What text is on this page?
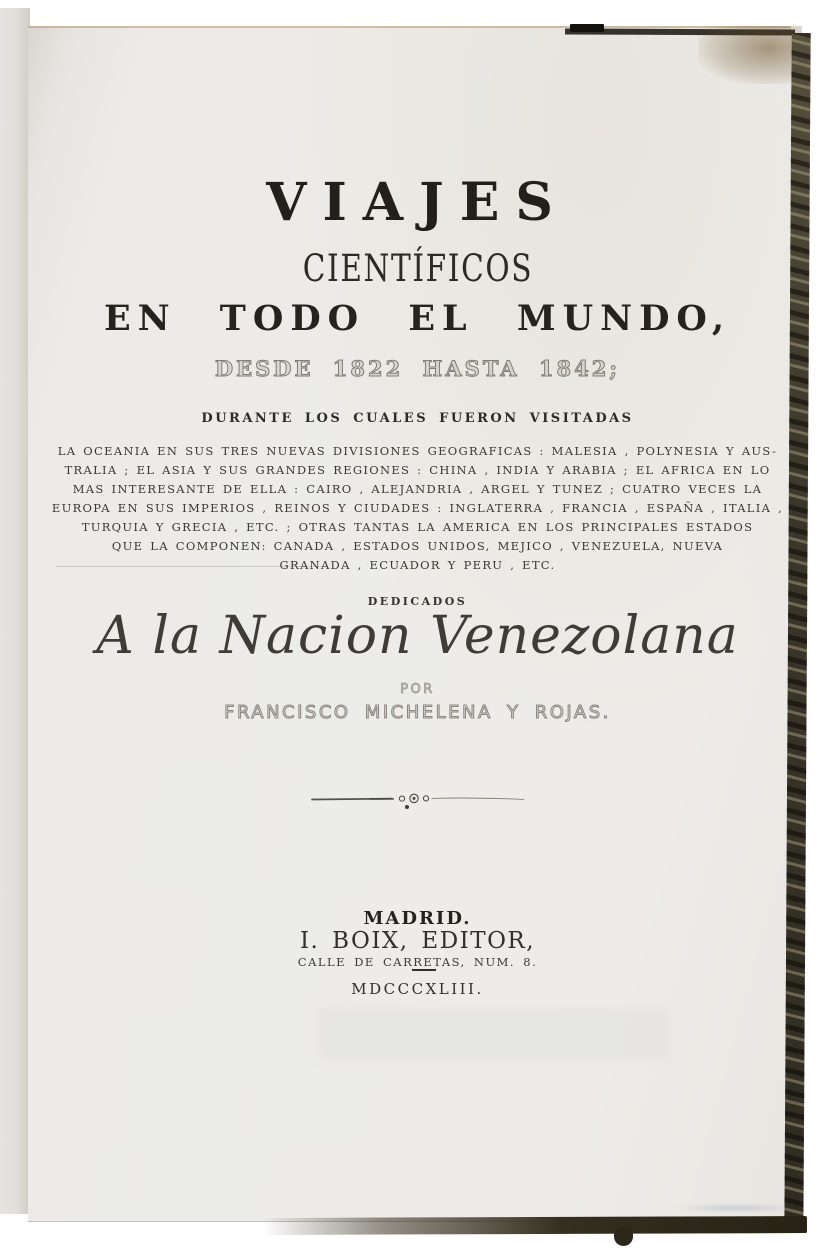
VIAJES
CIENTÍFICOS
EN TODO EL MUNDO,
DESDE 1822 HASTA 1842;
DURANTE LOS CUALES FUERON VISITADAS
LA OCEANIA EN SUS TRES NUEVAS DIVISIONES GEOGRAFICAS : MALESIA , POLYNESIA Y AUS-
TRALIA ; EL ASIA Y SUS GRANDES REGIONES : CHINA , INDIA Y ARABIA ; EL AFRICA EN LO
MAS INTERESANTE DE ELLA : CAIRO , ALEJANDRIA , ARGEL Y TUNEZ ; CUATRO VECES LA
EUROPA EN SUS IMPERIOS , REINOS Y CIUDADES : INGLATERRA , FRANCIA , ESPAÑA , ITALIA ,
TURQUIA Y GRECIA , ETC. ; OTRAS TANTAS LA AMERICA EN LOS PRINCIPALES ESTADOS
QUE LA COMPONEN: CANADA , ESTADOS UNIDOS, MEJICO , VENEZUELA, NUEVA
GRANADA , ECUADOR Y PERU , ETC.
DEDICADOS
A la Nacion Venezolana
POR
FRANCISCO MICHELENA Y ROJAS.
MADRID.
I. BOIX, EDITOR,
CALLE DE CARRETAS, NUM. 8.
MDCCCXLIII.
